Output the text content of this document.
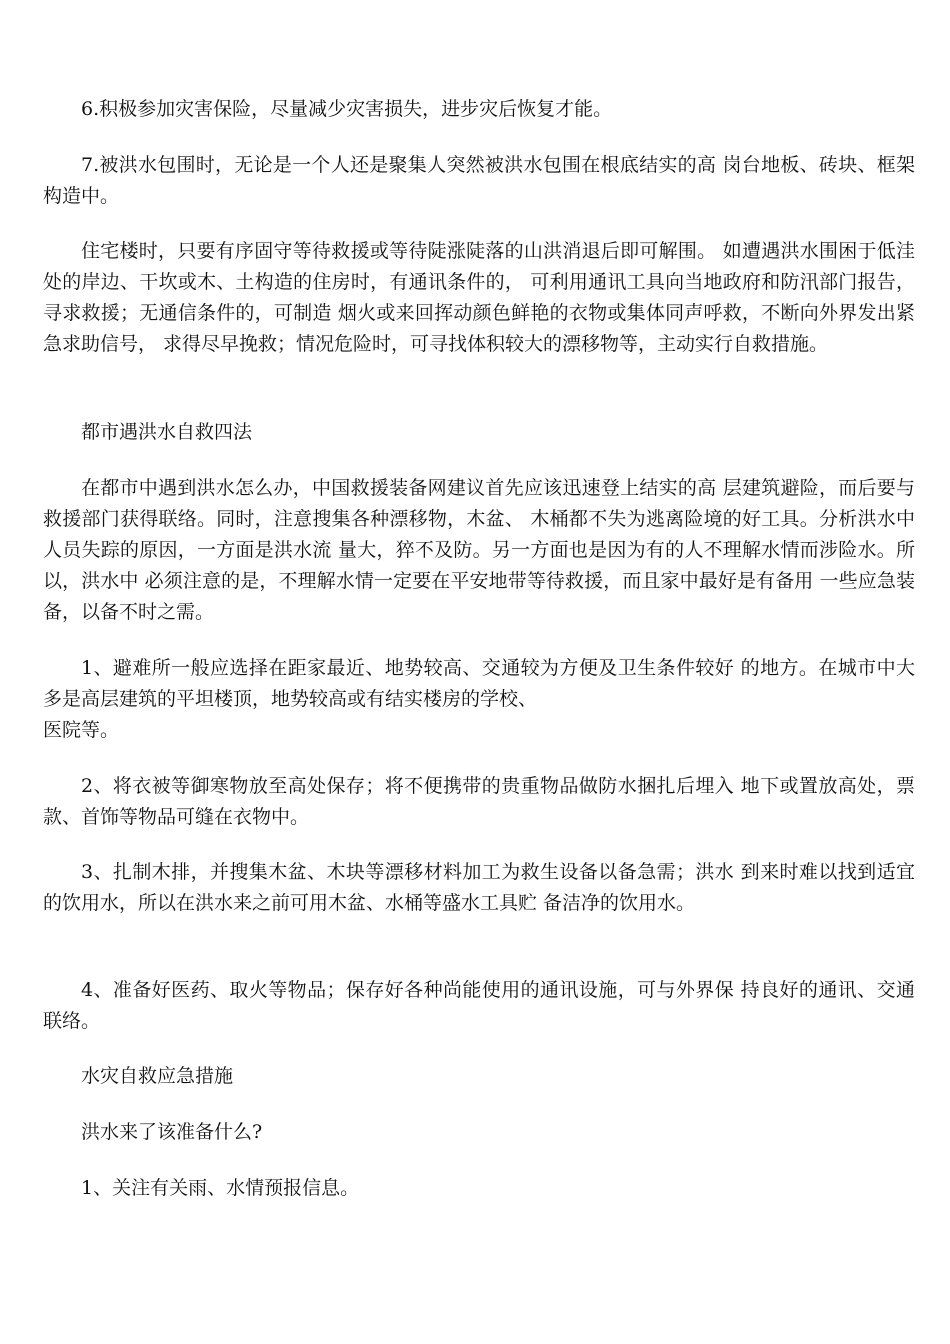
6.积极参加灾害保险，尽量减少灾害损失，进步灾后恢复才能。

7.被洪水包围时，无论是一个人还是聚集人突然被洪水包围在根底结实的高 岗台地板、砖块、框架构造中。

住宅楼时，只要有序固守等待救援或等待陡涨陡落的山洪消退后即可解围。 如遭遇洪水围困于低洼处的岸边、干坎或木、土构造的住房时，有通讯条件的， 可利用通讯工具向当地政府和防汛部门报告，寻求救援；无通信条件的，可制造 烟火或来回挥动颜色鲜艳的衣物或集体同声呼救，不断向外界发出紧急求助信号， 求得尽早挽救；情况危险时，可寻找体积较大的漂移物等，主动实行自救措施。

都市遇洪水自救四法

在都市中遇到洪水怎么办，中国救援装备网建议首先应该迅速登上结实的高 层建筑避险，而后要与救援部门获得联络。同时，注意搜集各种漂移物，木盆、 木桶都不失为逃离险境的好工具。分析洪水中人员失踪的原因，一方面是洪水流 量大，猝不及防。另一方面也是因为有的人不理解水情而涉险水。所以，洪水中 必须注意的是，不理解水情一定要在平安地带等待救援，而且家中最好是有备用 一些应急装备，以备不时之需。

1、避难所一般应选择在距家最近、地势较高、交通较为方便及卫生条件较好 的地方。在城市中大多是高层建筑的平坦楼顶，地势较高或有结实楼房的学校、

医院等。

2、将衣被等御寒物放至高处保存；将不便携带的贵重物品做防水捆扎后埋入 地下或置放高处，票款、首饰等物品可缝在衣物中。

3、扎制木排，并搜集木盆、木块等漂移材料加工为救生设备以备急需；洪水 到来时难以找到适宜的饮用水，所以在洪水来之前可用木盆、水桶等盛水工具贮 备洁净的饮用水。

4、准备好医药、取火等物品；保存好各种尚能使用的通讯设施，可与外界保 持良好的通讯、交通联络。

水灾自救应急措施

洪水来了该准备什么?

1、关注有关雨、水情预报信息。
